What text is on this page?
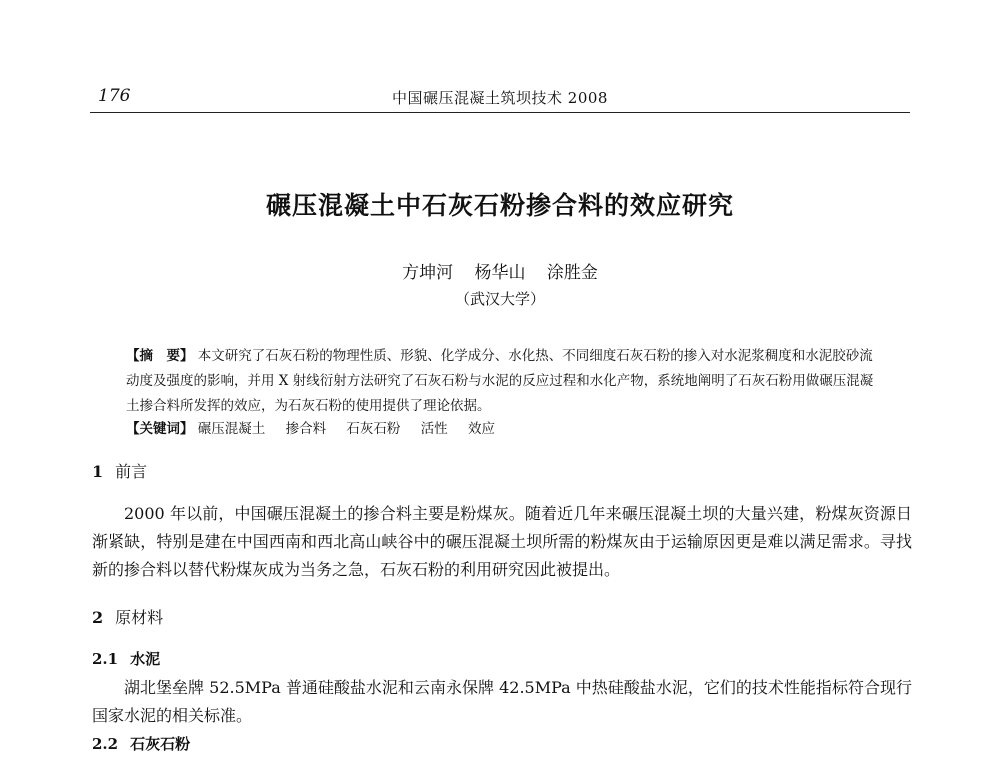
176	中国碾压混凝土筑坝技术 2008
碾压混凝土中石灰石粉掺合料的效应研究
方坤河 杨华山 涂胜金
（武汉大学）

【摘　要】 本文研究了石灰石粉的物理性质、形貌、化学成分、水化热、不同细度石灰石粉的掺入对水泥浆稠度和水泥胶砂流动度及强度的影响，并用 X 射线衍射方法研究了石灰石粉与水泥的反应过程和水化产物，系统地阐明了石灰石粉用做碾压混凝土掺合料所发挥的效应，为石灰石粉的使用提供了理论依据。

【关键词】 碾压混凝土 掺合料 石灰石粉 活性 效应
1 前言

2000 年以前，中国碾压混凝土的掺合料主要是粉煤灰。随着近几年来碾压混凝土坝的大量兴建，粉煤灰资源日渐紧缺，特别是建在中国西南和西北高山峡谷中的碾压混凝土坝所需的粉煤灰由于运输原因更是难以满足需求。寻找新的掺合料以替代粉煤灰成为当务之急，石灰石粉的利用研究因此被提出。

2 原材料
2.1 水泥

湖北堡垒牌 52.5MPa 普通硅酸盐水泥和云南永保牌 42.5MPa 中热硅酸盐水泥，它们的技术性能指标符合现行国家水泥的相关标准。

2.2 石灰石粉
